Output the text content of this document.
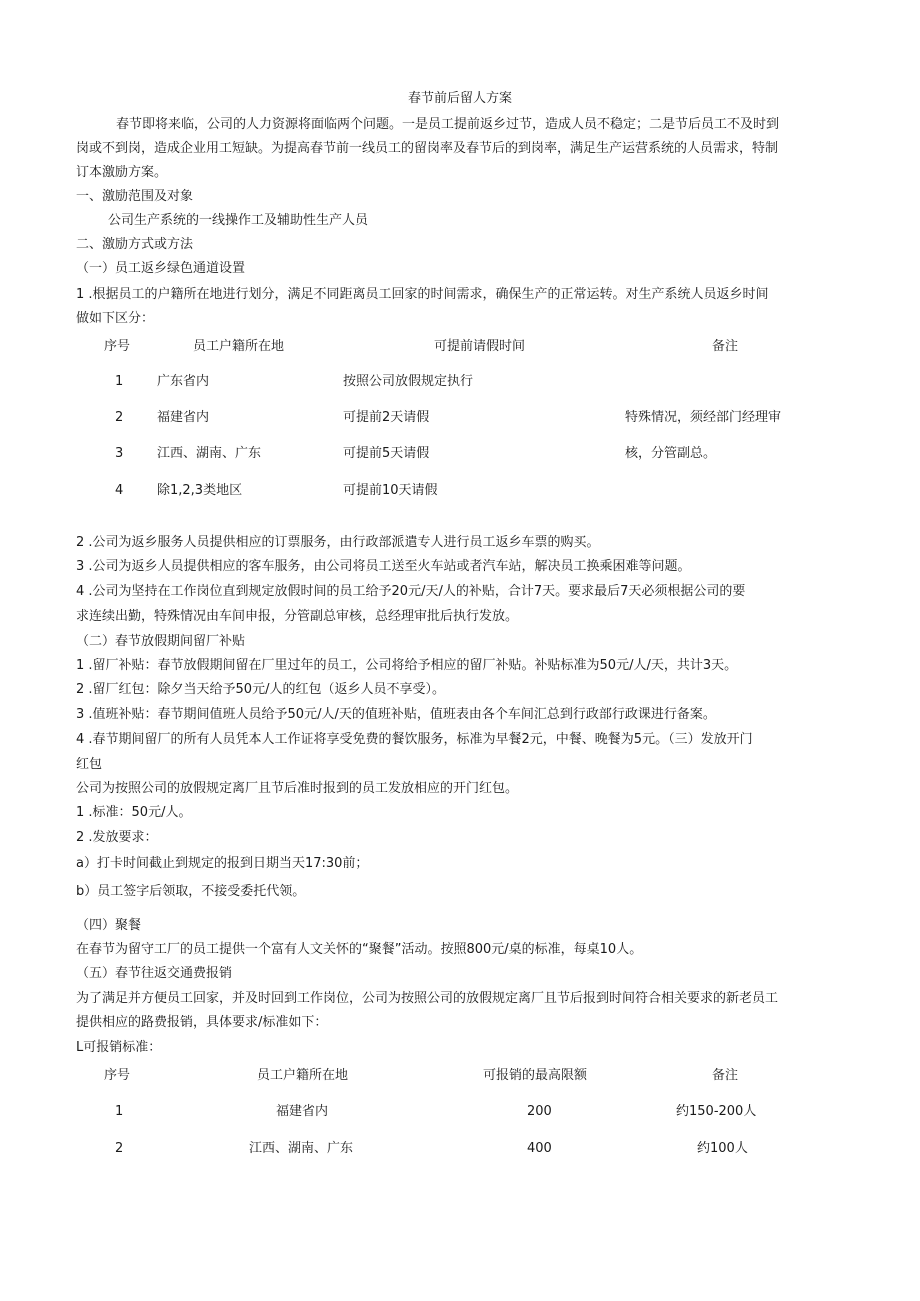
春节前后留人方案
春节即将来临，公司的人力资源将面临两个问题。一是员工提前返乡过节，造成人员不稳定；二是节后员工不及时到
岗或不到岗，造成企业用工短缺。为提高春节前一线员工的留岗率及春节后的到岗率，满足生产运营系统的人员需求，特制
订本激励方案。
一、激励范围及对象
公司生产系统的一线操作工及辅助性生产人员
二、激励方式或方法
（一）员工返乡绿色通道设置
1 .根据员工的户籍所在地进行划分，满足不同距离员工回家的时间需求，确保生产的正常运转。对生产系统人员返乡时间
做如下区分：
序号	员工户籍所在地	可提前请假时间	备注
1	广东省内	按照公司放假规定执行
2	福建省内	可提前2天请假	特殊情况，须经部门经理审
3	江西、湖南、广东	可提前5天请假	核，分管副总。
4	除1,2,3类地区	可提前10天请假
2 .公司为返乡服务人员提供相应的订票服务，由行政部派遣专人进行员工返乡车票的购买。
3 .公司为返乡人员提供相应的客车服务，由公司将员工送至火车站或者汽车站，解决员工换乘困难等问题。
4 .公司为坚持在工作岗位直到规定放假时间的员工给予20元/天/人的补贴，合计7天。要求最后7天必须根据公司的要
求连续出勤，特殊情况由车间申报，分管副总审核，总经理审批后执行发放。
（二）春节放假期间留厂补贴
1 .留厂补贴：春节放假期间留在厂里过年的员工，公司将给予相应的留厂补贴。补贴标准为50元/人/天，共计3天。
2 .留厂红包：除夕当天给予50元/人的红包（返乡人员不享受）。
3 .值班补贴：春节期间值班人员给予50元/人/天的值班补贴，值班表由各个车间汇总到行政部行政课进行备案。
4 .春节期间留厂的所有人员凭本人工作证将享受免费的餐饮服务，标准为早餐2元，中餐、晚餐为5元。（三）发放开门
红包
公司为按照公司的放假规定离厂且节后准时报到的员工发放相应的开门红包。
1 .标准：50元/人。
2 .发放要求：
a）打卡时间截止到规定的报到日期当天17:30前；
b）员工签字后领取，不接受委托代领。
（四）聚餐
在春节为留守工厂的员工提供一个富有人文关怀的“聚餐”活动。按照800元/桌的标准，每桌10人。
（五）春节往返交通费报销
为了满足并方便员工回家，并及时回到工作岗位，公司为按照公司的放假规定离厂且节后报到时间符合相关要求的新老员工
提供相应的路费报销，具体要求/标准如下：
L可报销标准：
序号	员工户籍所在地	可报销的最高限额	备注
1	福建省内	200	约150-200人
2	江西、湖南、广东	400	约100人
